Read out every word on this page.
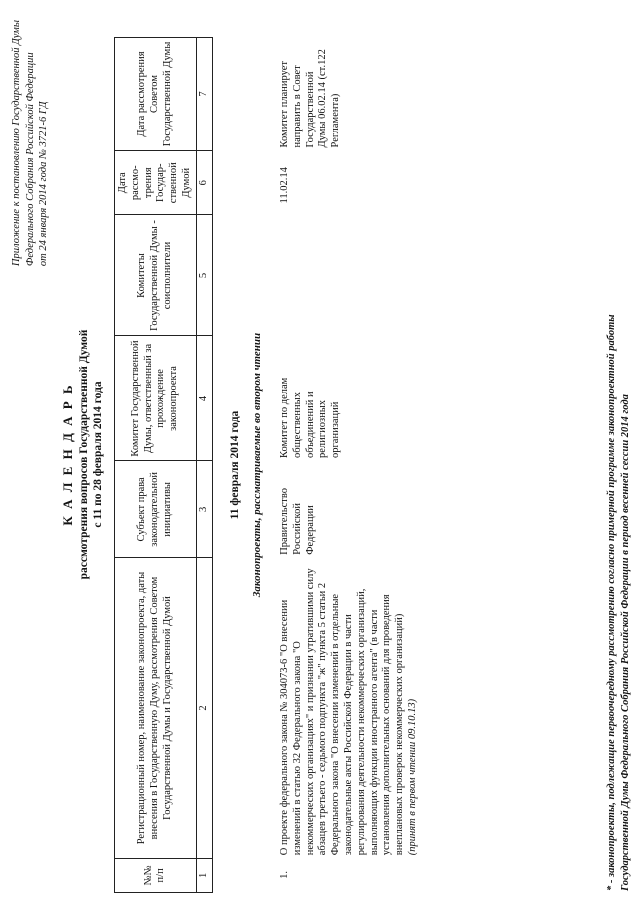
Приложение к постановлению Государственной Думы Федерального Собрания Российской Федерации от 24 января 2014 года № 3721-6 ГД
К А Л Е Н Д А Р Ь рассмотрения вопросов Государственной Думой с 11 по 28 февраля 2014 года
№№ п/п	Регистрационный номер, наименование законопроекта, даты внесения в Государственную Думу, рассмотрения Советом Государственной Думы и Государственной Думой	Субъект права законодательной инициативы	Комитет Государственной Думы, ответственный за прохождение законопроекта	Комитеты Государственной Думы - соисполнители	Дата рассмо- трения Государ- ственной Думой	Дата рассмотрения Советом Государственной Думы
1	2	3	4	5	6	7
11 февраля 2014 года						
Законопроекты, рассматриваемые во втором чтении						
1.	О проекте федерального закона № 304073-6 "О внесении изменений в статью 32 Федерального закона "О некоммерческих организациях" и признании утратившими силу абзацев третьего - седьмого подпункта "ж" пункта 5 статьи 2 Федерального закона "О внесении изменений в отдельные законодательные акты Российской Федерации в части регулирования деятельности некоммерческих организаций, выполняющих функции иностранного агента" (в части установления дополнительных оснований для проведения внеплановых проверок некоммерческих организаций) (принят в первом чтении 09.10.13)	Правительство Российской Федерации	Комитет по делам общественных объединений и религиозных организаций		11.02.14	Комитет планирует направить в Совет Государственной Думы 06.02.14 (ст.122 Регламента)
* - законопроекты, подлежащие первоочередному рассмотрению согласно примерной программе законопроектной работы Государственной Думы Федерального Собрания Российской Федерации в период весенней сессии 2014 года
